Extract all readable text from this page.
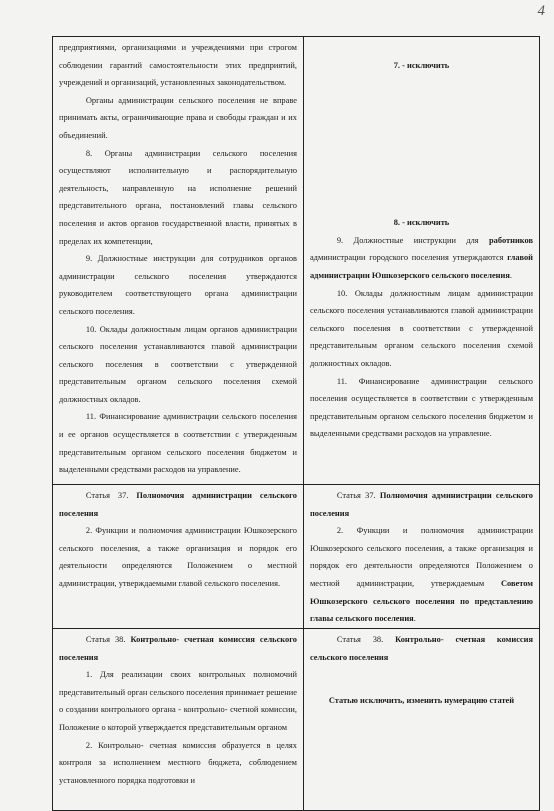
4

предприятиями, организациями и учреждениями при строгом соблюдении гарантий самостоятельности этих предприятий, учреждений и организаций, установленных законодательством.

Органы администрации сельского поселения не вправе принимать акты, ограничивающие права и свободы граждан и их объединений.

8. Органы администрации сельского поселения осуществляют исполнительную и распорядительную деятельность, направленную на исполнение решений представительного органа, постановлений главы сельского поселения и актов органов государственной власти, принятых в пределах их компетенции,

9. Должностные инструкции для сотрудников органов администрации сельского поселения утверждаются руководителем соответствующего органа администрации сельского поселения.

10. Оклады должностным лицам органов администрации сельского поселения устанавливаются главой администрации сельского поселения в соответствии с утвержденной представительным органом сельского поселения схемой должностных окладов.

11. Финансирование администрации сельского поселения и ее органов осуществляется в соответствии с утвержденным представительным органом сельского поселения бюджетом и выделенными средствами расходов на управление.

7. - исключить

8. - исключить

9. Должностные инструкции для работников администрации городского поселения утверждаются главой администрации Юшкозерского сельского поселения.

10. Оклады должностным лицам администрации сельского поселения устанавливаются главой администрации сельского поселения в соответствии с утвержденной представительным органом сельского поселения схемой должностных окладов.

11. Финансирование администрации сельского поселения осуществляется в соответствии с утвержденным представительным органом сельского поселения бюджетом и выделенными средствами расходов на управление.

Статья 37. Полномочия администрации сельского поселения

2. Функции и полномочия администрации Юшкозерского сельского поселения, а также организация и порядок его деятельности определяются Положением о местной администрации, утверждаемыми главой сельского поселения.

Статья 37. Полномочия администрации сельского поселения

2. Функции и полномочия администрации Юшкозерского сельского поселения, а также организация и порядок его деятельности определяются Положением о местной администрации, утверждаемым Советом Юшкозерского сельского поселения по представлению главы сельского поселения.

Статья 38. Контрольно- счетная комиссия сельского поселения

1. Для реализации своих контрольных полномочий представительный орган сельского поселения принимает решение о создании контрольного органа - контрольно- счетной комиссии, Положение о которой утверждается представительным органом

2. Контрольно- счетная комиссия образуется в целях контроля за исполнением местного бюджета, соблюдением установленного порядка подготовки и

Статья 38. Контрольно- счетная комиссия сельского поселения

Статью исключить, изменить нумерацию статей
